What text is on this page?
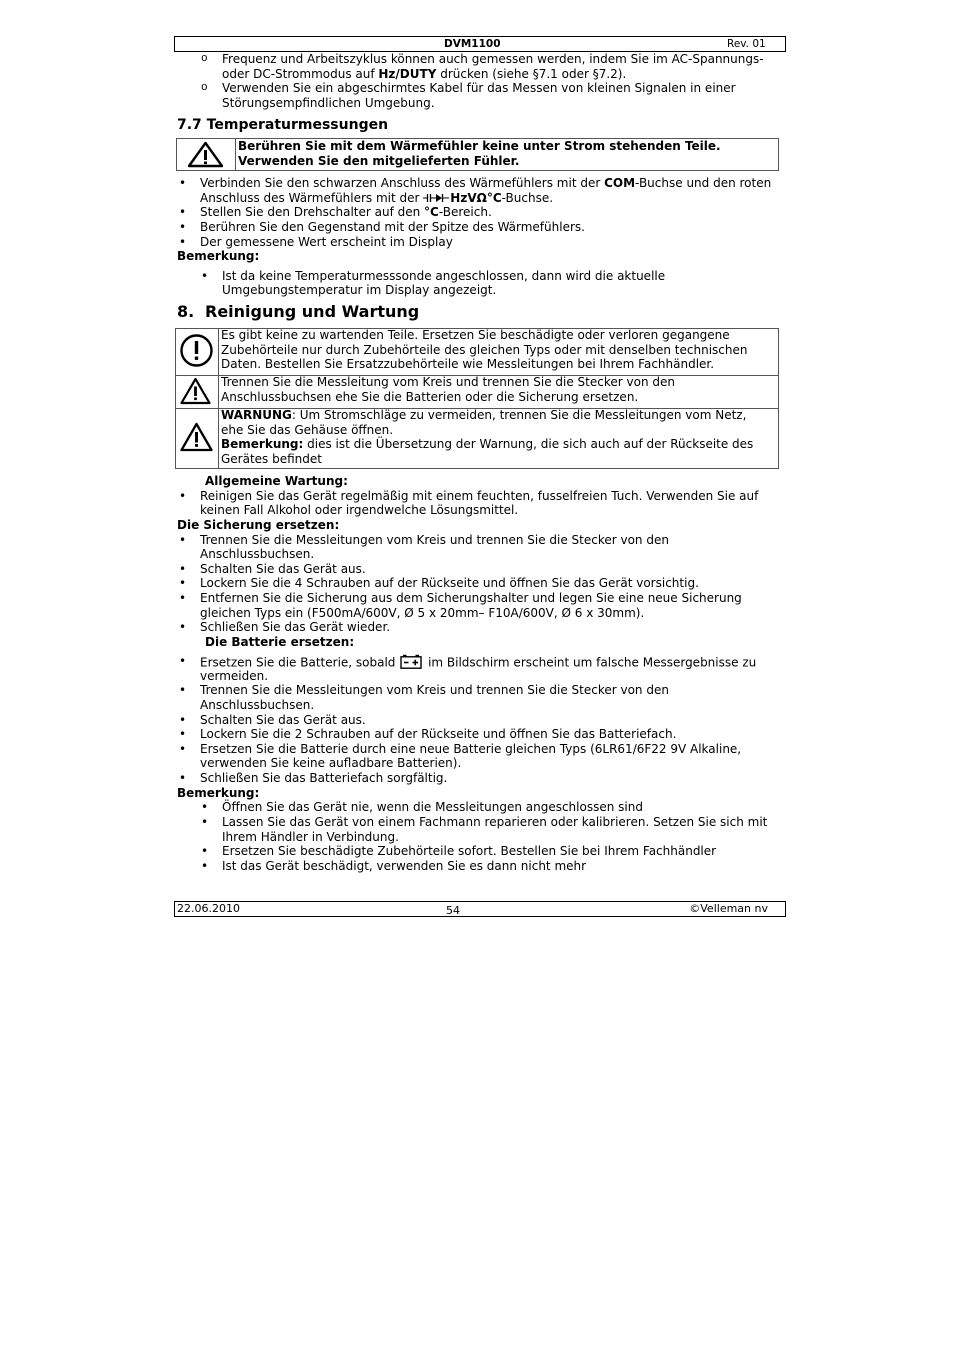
DVM1100	Rev. 01
o Frequenz und Arbeitszyklus können auch gemessen werden, indem Sie im AC-Spannungs-
oder DC-Strommodus auf Hz/DUTY drücken (siehe §7.1 oder §7.2).
o Verwenden Sie ein abgeschirmtes Kabel für das Messen von kleinen Signalen in einer
Störungsempfindlichen Umgebung.
7.7 Temperaturmessungen
Berühren Sie mit dem Wärmefühler keine unter Strom stehenden Teile.
Verwenden Sie den mitgelieferten Fühler.
• Verbinden Sie den schwarzen Anschluss des Wärmefühlers mit der COM-Buchse und den roten
Anschluss des Wärmefühlers mit der
HzVΩ°C-Buchse.
• Stellen Sie den Drehschalter auf den °C-Bereich.
• Berühren Sie den Gegenstand mit der Spitze des Wärmefühlers.
• Der gemessene Wert erscheint im Display
Bemerkung:
• Ist da keine Temperaturmesssonde angeschlossen, dann wird die aktuelle
Umgebungstemperatur im Display angezeigt.
8. Reinigung und Wartung
Es gibt keine zu wartenden Teile. Ersetzen Sie beschädigte oder verloren gegangene
Zubehörteile nur durch Zubehörteile des gleichen Typs oder mit denselben technischen
Daten. Bestellen Sie Ersatzzubehörteile wie Messleitungen bei Ihrem Fachhändler.
Trennen Sie die Messleitung vom Kreis und trennen Sie die Stecker von den
Anschlussbuchsen ehe Sie die Batterien oder die Sicherung ersetzen.
WARNUNG: Um Stromschläge zu vermeiden, trennen Sie die Messleitungen vom Netz,
ehe Sie das Gehäuse öffnen.
Bemerkung: dies ist die Übersetzung der Warnung, die sich auch auf der Rückseite des
Gerätes befindet
Allgemeine Wartung:
• Reinigen Sie das Gerät regelmäßig mit einem feuchten, fusselfreien Tuch. Verwenden Sie auf
keinen Fall Alkohol oder irgendwelche Lösungsmittel.
Die Sicherung ersetzen:
• Trennen Sie die Messleitungen vom Kreis und trennen Sie die Stecker von den
Anschlussbuchsen.
• Schalten Sie das Gerät aus.
• Lockern Sie die 4 Schrauben auf der Rückseite und öffnen Sie das Gerät vorsichtig.
• Entfernen Sie die Sicherung aus dem Sicherungshalter und legen Sie eine neue Sicherung
gleichen Typs ein (F500mA/600V, Ø 5 x 20mm– F10A/600V, Ø 6 x 30mm).
• Schließen Sie das Gerät wieder.
Die Batterie ersetzen:
• Ersetzen Sie die Batterie, sobald
im Bildschirm erscheint um falsche Messergebnisse zu
vermeiden.
• Trennen Sie die Messleitungen vom Kreis und trennen Sie die Stecker von den
Anschlussbuchsen.
• Schalten Sie das Gerät aus.
• Lockern Sie die 2 Schrauben auf der Rückseite und öffnen Sie das Batteriefach.
• Ersetzen Sie die Batterie durch eine neue Batterie gleichen Typs (6LR61/6F22 9V Alkaline,
verwenden Sie keine aufladbare Batterien).
• Schließen Sie das Batteriefach sorgfältig.
Bemerkung:
• Öffnen Sie das Gerät nie, wenn die Messleitungen angeschlossen sind
• Lassen Sie das Gerät von einem Fachmann reparieren oder kalibrieren. Setzen Sie sich mit
Ihrem Händler in Verbindung.
• Ersetzen Sie beschädigte Zubehörteile sofort. Bestellen Sie bei Ihrem Fachhändler
• Ist das Gerät beschädigt, verwenden Sie es dann nicht mehr
22.06.2010	54	©Velleman nv
